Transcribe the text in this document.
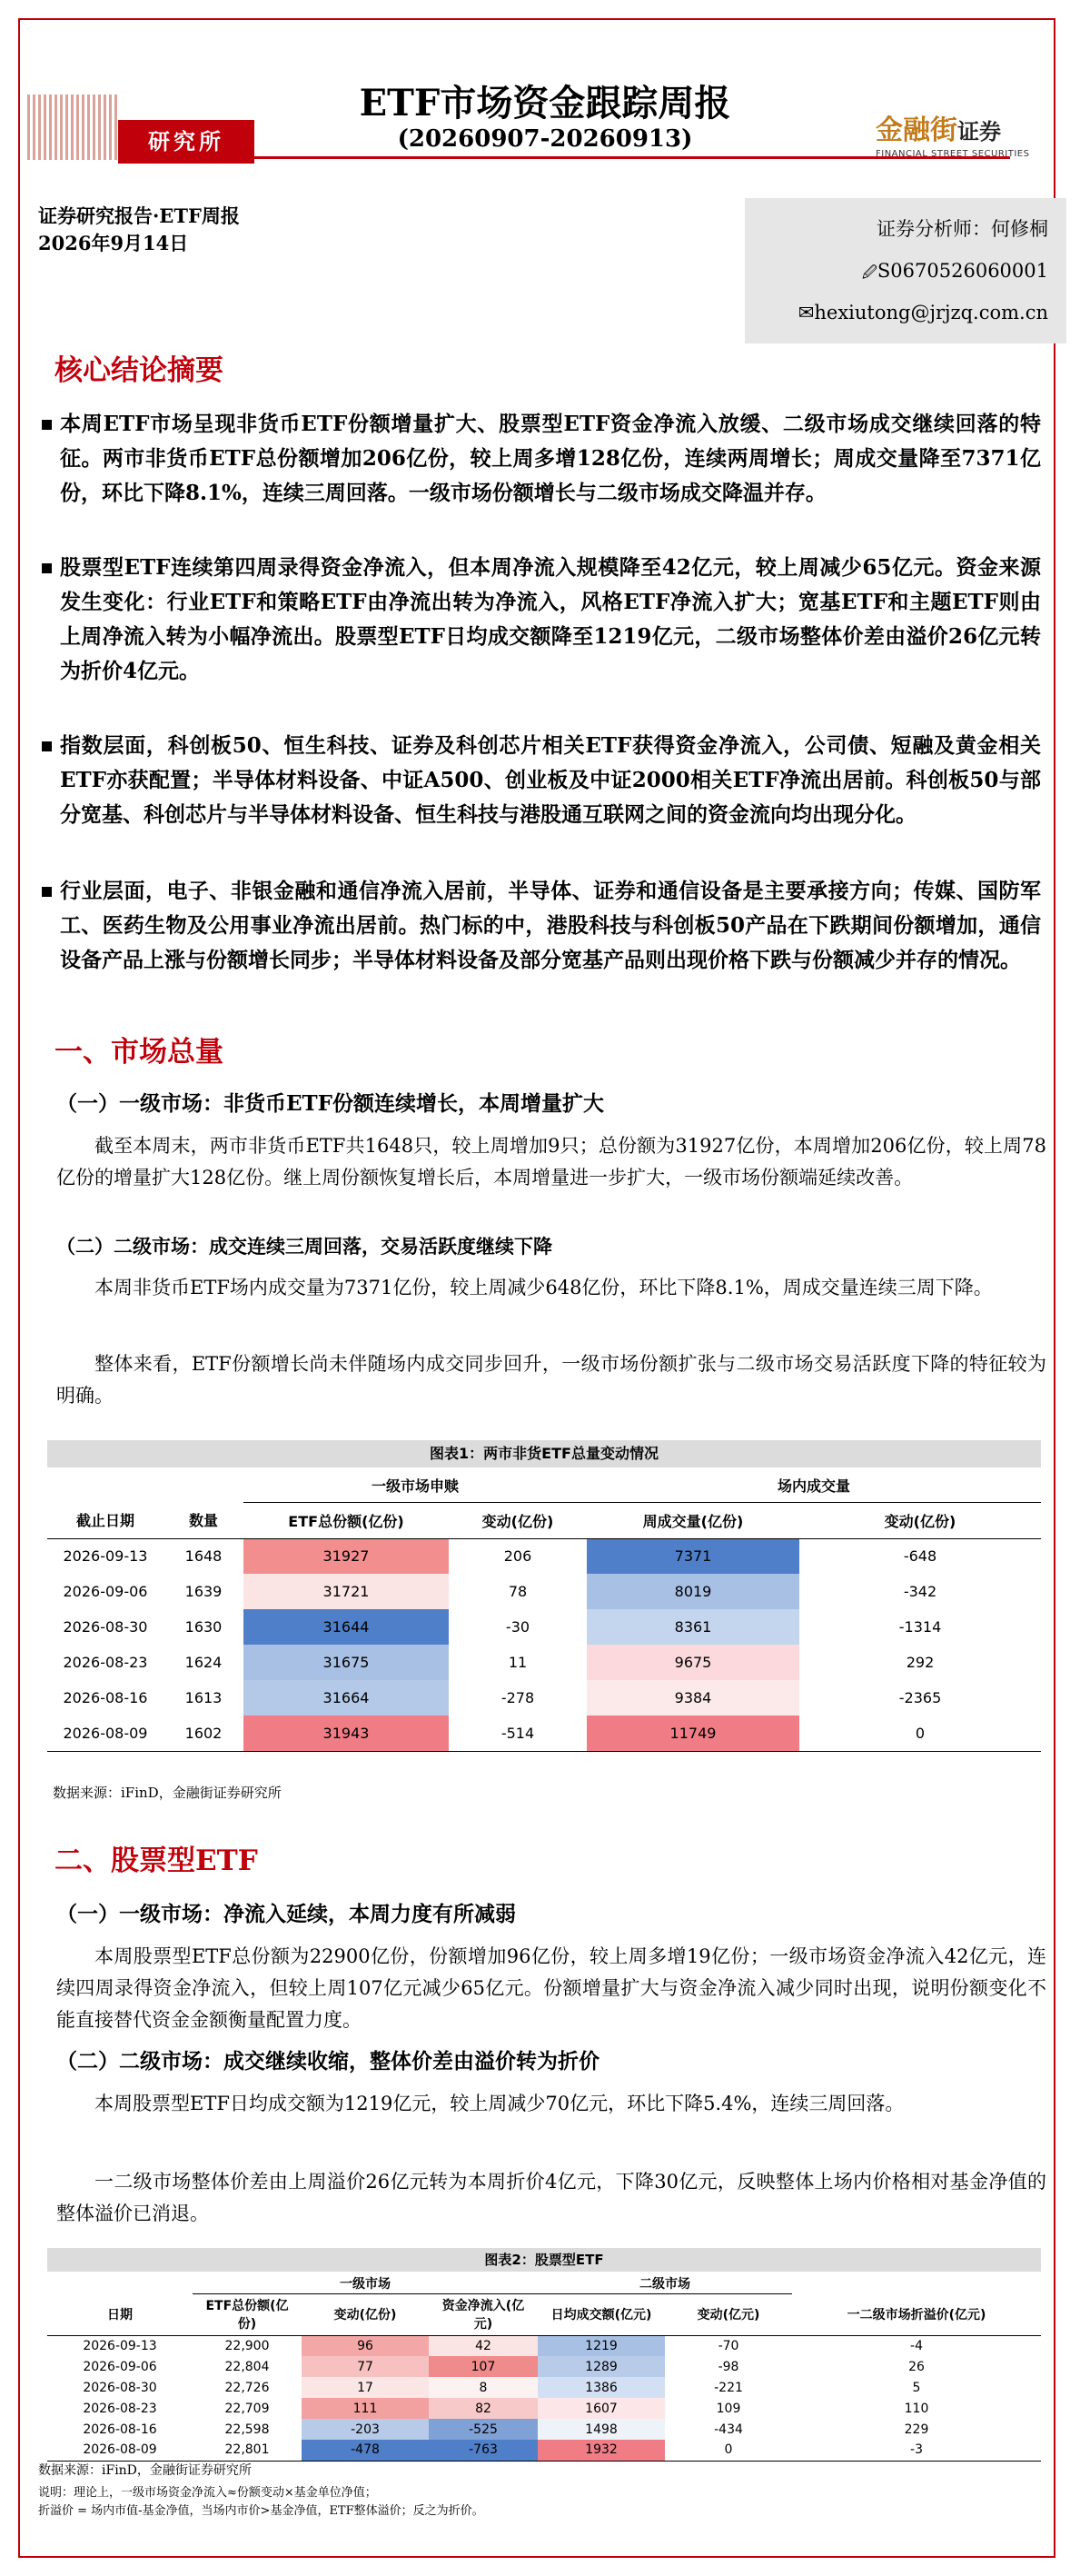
研究所
ETF市场资金跟踪周报
(20260907-20260913)	金融街证券
FINANCIAL STREET SECURITIES
证券研究报告·ETF周报
2026年9月14日
证券分析师：何修桐
🖉S0670526060001
✉hexiutong@jrjzq.com.cn
核心结论摘要
本周ETF市场呈现非货币ETF份额增量扩大、股票型ETF资金净流入放缓、二级市场成交继续回落的特征。两市非货币ETF总份额增加206亿份，较上周多增128亿份，连续两周增长；周成交量降至7371亿份，环比下降8.1%，连续三周回落。一级市场份额增长与二级市场成交降温并存。
股票型ETF连续第四周录得资金净流入，但本周净流入规模降至42亿元，较上周减少65亿元。资金来源发生变化：行业ETF和策略ETF由净流出转为净流入，风格ETF净流入扩大；宽基ETF和主题ETF则由上周净流入转为小幅净流出。股票型ETF日均成交额降至1219亿元，二级市场整体价差由溢价26亿元转为折价4亿元。
指数层面，科创板50、恒生科技、证券及科创芯片相关ETF获得资金净流入，公司债、短融及黄金相关ETF亦获配置；半导体材料设备、中证A500、创业板及中证2000相关ETF净流出居前。科创板50与部分宽基、科创芯片与半导体材料设备、恒生科技与港股通互联网之间的资金流向均出现分化。
行业层面，电子、非银金融和通信净流入居前，半导体、证券和通信设备是主要承接方向；传媒、国防军工、医药生物及公用事业净流出居前。热门标的中，港股科技与科创板50产品在下跌期间份额增加，通信设备产品上涨与份额增长同步；半导体材料设备及部分宽基产品则出现价格下跌与份额减少并存的情况。
一、市场总量
（一）一级市场：非货币ETF份额连续增长，本周增量扩大
截至本周末，两市非货币ETF共1648只，较上周增加9只；总份额为31927亿份，本周增加206亿份，较上周78亿份的增量扩大128亿份。继上周份额恢复增长后，本周增量进一步扩大，一级市场份额端延续改善。
（二）二级市场：成交连续三周回落，交易活跃度继续下降
本周非货币ETF场内成交量为7371亿份，较上周减少648亿份，环比下降8.1%，周成交量连续三周下降。
整体来看，ETF份额增长尚未伴随场内成交同步回升，一级市场份额扩张与二级市场交易活跃度下降的特征较为明确。
图表1：两市非货ETF总量变动情况
		一级市场申赎		场内成交量	
截止日期	数量	ETF总份额(亿份)	变动(亿份)	周成交量(亿份)	变动(亿份)
2026-09-13	1648	31927	206	7371	-648
2026-09-06	1639	31721	78	8019	-342
2026-08-30	1630	31644	-30	8361	-1314
2026-08-23	1624	31675	11	9675	292
2026-08-16	1613	31664	-278	9384	-2365
2026-08-09	1602	31943	-514	11749	0
数据来源：iFinD，金融街证券研究所
二、股票型ETF
（一）一级市场：净流入延续，本周力度有所减弱
本周股票型ETF总份额为22900亿份，份额增加96亿份，较上周多增19亿份；一级市场资金净流入42亿元，连续四周录得资金净流入，但较上周107亿元减少65亿元。份额增量扩大与资金净流入减少同时出现，说明份额变化不能直接替代资金金额衡量配置力度。
（二）二级市场：成交继续收缩，整体价差由溢价转为折价
本周股票型ETF日均成交额为1219亿元，较上周减少70亿元，环比下降5.4%，连续三周回落。
一二级市场整体价差由上周溢价26亿元转为本周折价4亿元，下降30亿元，反映整体上场内价格相对基金净值的整体溢价已消退。
图表2：股票型ETF
	一级市场			二级市场		
日期	ETF总份额(亿份)	变动(亿份)	资金净流入(亿元)	日均成交额(亿元)	变动(亿元)	一二级市场折溢价(亿元)
2026-09-13	22,900	96	42	1219	-70	-4
2026-09-06	22,804	77	107	1289	-98	26
2026-08-30	22,726	17	8	1386	-221	5
2026-08-23	22,709	111	82	1607	109	110
2026-08-16	22,598	-203	-525	1498	-434	229
2026-08-09	22,801	-478	-763	1932	0	-3
数据来源：iFinD，金融街证券研究所
说明：理论上，一级市场资金净流入≈份额变动×基金单位净值；
折溢价 = 场内市值-基金净值，当场内市价>基金净值，ETF整体溢价；反之为折价。
